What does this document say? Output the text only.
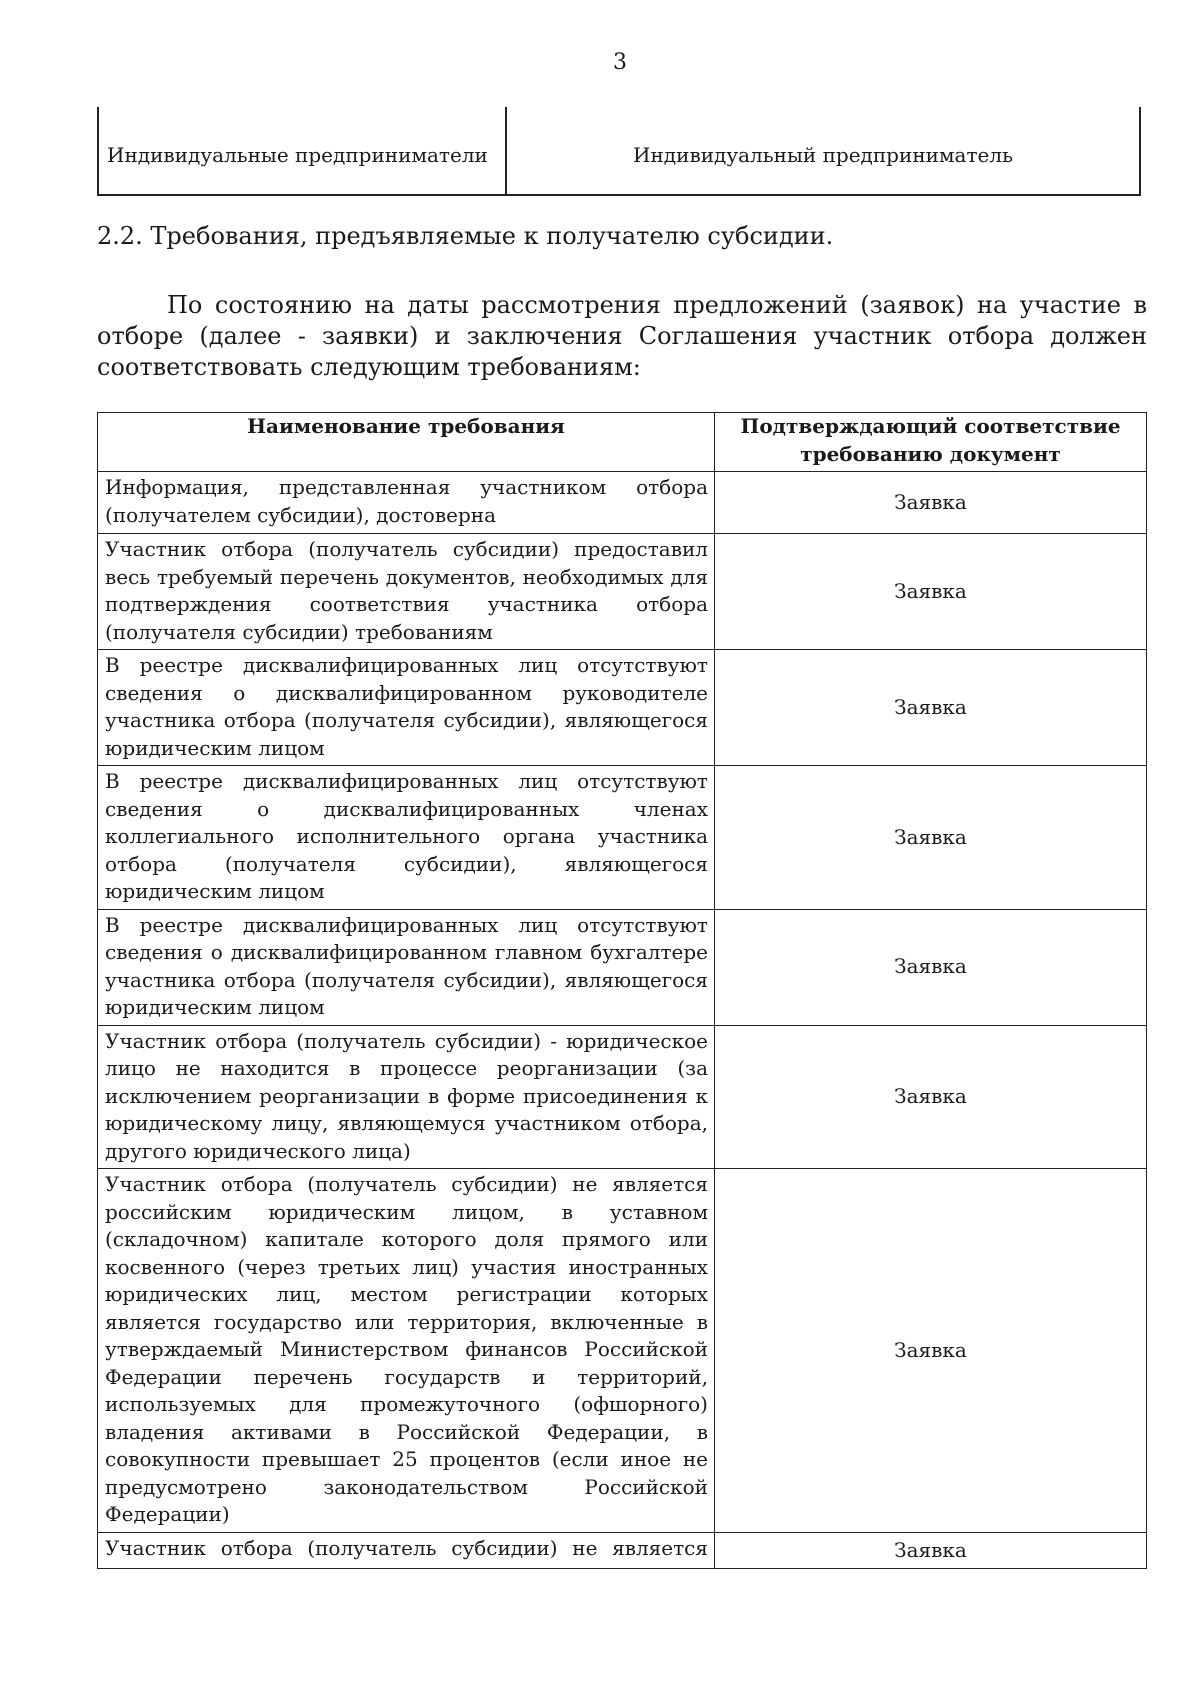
3
Индивидуальные предприниматели	Индивидуальный предприниматель
2.2. Требования, предъявляемые к получателю субсидии.

По состоянию на даты рассмотрения предложений (заявок) на участие в отборе (далее - заявки) и заключения Соглашения участник отбора должен соответствовать следующим требованиям:

Наименование требования	Подтверждающий соответствие требованию документ
Информация, представленная участником отбора (получателем субсидии), достоверна	Заявка
Участник отбора (получатель субсидии) предоставил весь требуемый перечень документов, необходимых для подтверждения соответствия участника отбора (получателя субсидии) требованиям	Заявка
В реестре дисквалифицированных лиц отсутствуют сведения о дисквалифицированном руководителе участника отбора (получателя субсидии), являющегося юридическим лицом	Заявка
В реестре дисквалифицированных лиц отсутствуют сведения о дисквалифицированных членах коллегиального исполнительного органа участника отбора (получателя субсидии), являющегося юридическим лицом	Заявка
В реестре дисквалифицированных лиц отсутствуют сведения о дисквалифицированном главном бухгалтере участника отбора (получателя субсидии), являющегося юридическим лицом	Заявка
Участник отбора (получатель субсидии) - юридическое лицо не находится в процессе реорганизации (за исключением реорганизации в форме присоединения к юридическому лицу, являющемуся участником отбора, другого юридического лица)	Заявка
Участник отбора (получатель субсидии) не является российским юридическим лицом, в уставном (складочном) капитале которого доля прямого или косвенного (через третьих лиц) участия иностранных юридических лиц, местом регистрации которых является государство или территория, включенные в утверждаемый Министерством финансов Российской Федерации перечень государств и территорий, используемых для промежуточного (офшорного) владения активами в Российской Федерации, в совокупности превышает 25 процентов (если иное не предусмотрено законодательством Российской Федерации)	Заявка
Участник отбора (получатель субсидии) не является	Заявка
